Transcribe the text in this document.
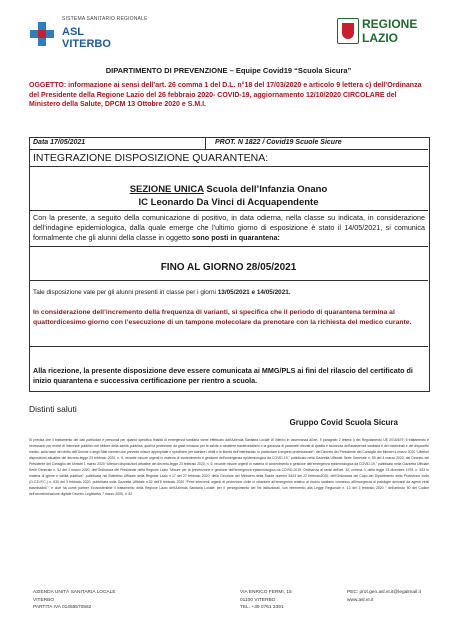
SISTEMA SANITARIO REGIONALE
ASL
VITERBO
REGIONE
LAZIO
DIPARTIMENTO DI PREVENZIONE – Equipe Covid19 “Scuola Sicura”
OGGETTO: informazione ai sensi dell’art. 26 comma 1 del D.L. n°18 del 17/03/2020 e articolo 9 lettera c) dell’Ordinanza del Presidente della Regione Lazio del 26 febbraio 2020- COVID-19, aggiornamento 12/10/2020 CIRCOLARE del Ministero della Salute, DPCM 13 Ottobre 2020 e S.M.I.
Data 17/05/2021	PROT. N 1822 / Covid19 Scuole Sicure
INTEGRAZIONE DISPOSIZIONE QUARANTENA:
SEZIONE UNICA Scuola dell’Infanzia Onano
IC Leonardo Da Vinci di Acquapendente
Con la presente, a seguito della comunicazione di positivo, in data odierna, nella classe su indicata, in considerazione dell’indagine epidemiologica, dalla quale emerge che l’ultimo giorno di esposizione è stato il 14/05/2021, si comunica formalmente che gli alunni della classe in oggetto sono posti in quarantena:
FINO AL GIORNO 28/05/2021
Tale disposizione vale per gli alunni presenti in classe per i giorni 13/05/2021 e 14/05/2021.
In considerazione dell’incremento della frequenza di varianti, si specifica che il periodo di quarantena termina al quattordicesimo giorno con l’esecuzione di un tampone molecolare da prenotare con la richiesta del medico curante.
Alla ricezione, la presente disposizione deve essere comunicata ai MMG/PLS ai fini del rilascio del certificato di inizio quarantena e successiva certificazione per rientro a scuola.
Distinti saluti
Gruppo Covid Scuola Sicura
Si precisa che il trattamento dei dati particolari e personali per quanto specifica finalità di emergenza sanitaria viene effettuato dall’Azienda Sanitaria Locale di Viterbo in osservanza all’art. 9 paragrafo 2 lettera i) del Regolamento UE 2016/679 “il trattamento è necessario per motivi di interesse pubblico nel settore della sanità pubblica, quali la protezione da gravi minacce per la salute a carattere transfrontaliero o la garanzia di parametri elevati di qualità e sicurezza dell’assistenza sanitaria e dei medicinali e dei dispositivi medici, sulla base del diritto dell’Unione o degli Stati membri che prevede misure appropriate e specifiche per tutelare i diritti e le libertà dell’interessato, in particolare il segreto professionale”; del Decreto del Presidente del Consiglio dei Ministri 4 marzo 2020 “Ulteriori disposizioni attuative del decreto-legge 23 febbraio 2020, n. 6, recante misure urgenti in materia di contenimento e gestione dell’emergenza epidemiologica da COVID-19,” pubblicato nella Gazzetta Ufficiale Serie Generale n. 55 del 4 marzo 2020; del Decreto del Presidente del Consiglio dei Ministri 1 marzo 2020 “Ulteriori disposizioni attuative del decreto-legge 23 febbraio 2020, n. 6, recante misure urgenti in materia di contenimento e gestione dell’emergenza epidemiologica da COVID-19,” pubblicato nella Gazzetta Ufficiale Serie Generale n. 52 del 1 marzo 2020; dell’Ordinanza del Presidente della Regione Lazio “Misure per la prevenzione e gestione dell’emergenza epidemiologica da COVID-2019. Ordinanza ai sensi dell’art. 32, comma 3, della legge 23 dicembre 1978, n. 833 in materia di igiene e sanità pubblica”, pubblicata nel Bollettino Ufficiale della Regione Lazio n.17 del 27 febbraio 2020; della Circolare del Ministero della Salute numero 5443 del 22 febbraio2020; dell’Ordinanza del Capo del Dipartimento della Protezione civile (O.C.D.P.C.) n. 630 del 3 febbraio 2020, pubblicata sulla Gazzetta Ufficiale n.32 dell’8 febbraio 2020 “Primi interventi urgenti di protezione civile in relazione all’emergenza relativo al rischio sanitario connesso all’insorgenza di patologie derivanti da agenti virali trasmissibili.”, e cioè ha come partner Ecosostenibile il trattamento della Regione Lazio dell’Azienda Sanitaria Locale: per il perseguimento dei fini istituzionali, con riferimento alla Legge Regionale n. 13 del 3 febbraio 2020 “ dell’articolo 50 del Codice dell’amministrazione digitale Decreto Legislativo 7 marzo 2005, n. 82
AZIENDA UNITÀ SANITARIA LOCALE
VITERBO
PARTITA IVA 01455570562
VIA ENRICO FERMI, 15
01100 VITERBO
TEL. +39 0761 3391
PEC: prot.gen.asl.vt.it@legalmail.it
www.asl.vt.it
